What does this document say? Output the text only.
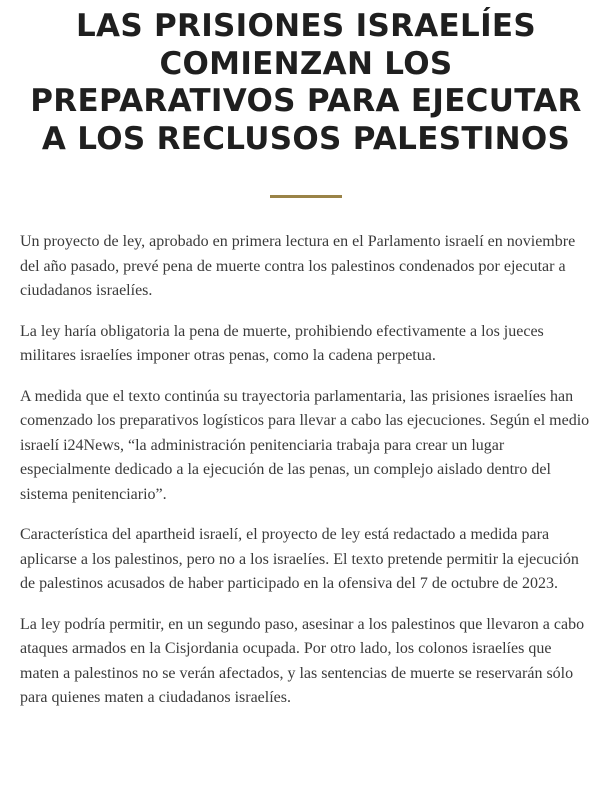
LAS PRISIONES ISRAELÍES COMIENZAN LOS PREPARATIVOS PARA EJECUTAR A LOS RECLUSOS PALESTINOS

Un proyecto de ley, aprobado en primera lectura en el Parlamento israelí en noviembre del año pasado, prevé pena de muerte contra los palestinos condenados por ejecutar a ciudadanos israelíes.

La ley haría obligatoria la pena de muerte, prohibiendo efectivamente a los jueces militares israelíes imponer otras penas, como la cadena perpetua.

A medida que el texto continúa su trayectoria parlamentaria, las prisiones israelíes han comenzado los preparativos logísticos para llevar a cabo las ejecuciones. Según el medio israelí i24News, “la administración penitenciaria trabaja para crear un lugar especialmente dedicado a la ejecución de las penas, un complejo aislado dentro del sistema penitenciario”.

Característica del apartheid israelí, el proyecto de ley está redactado a medida para aplicarse a los palestinos, pero no a los israelíes. El texto pretende permitir la ejecución de palestinos acusados de haber participado en la ofensiva del 7 de octubre de 2023.

La ley podría permitir, en un segundo paso, asesinar a los palestinos que llevaron a cabo ataques armados en la Cisjordania ocupada. Por otro lado, los colonos israelíes que maten a palestinos no se verán afectados, y las sentencias de muerte se reservarán sólo para quienes maten a ciudadanos israelíes.
